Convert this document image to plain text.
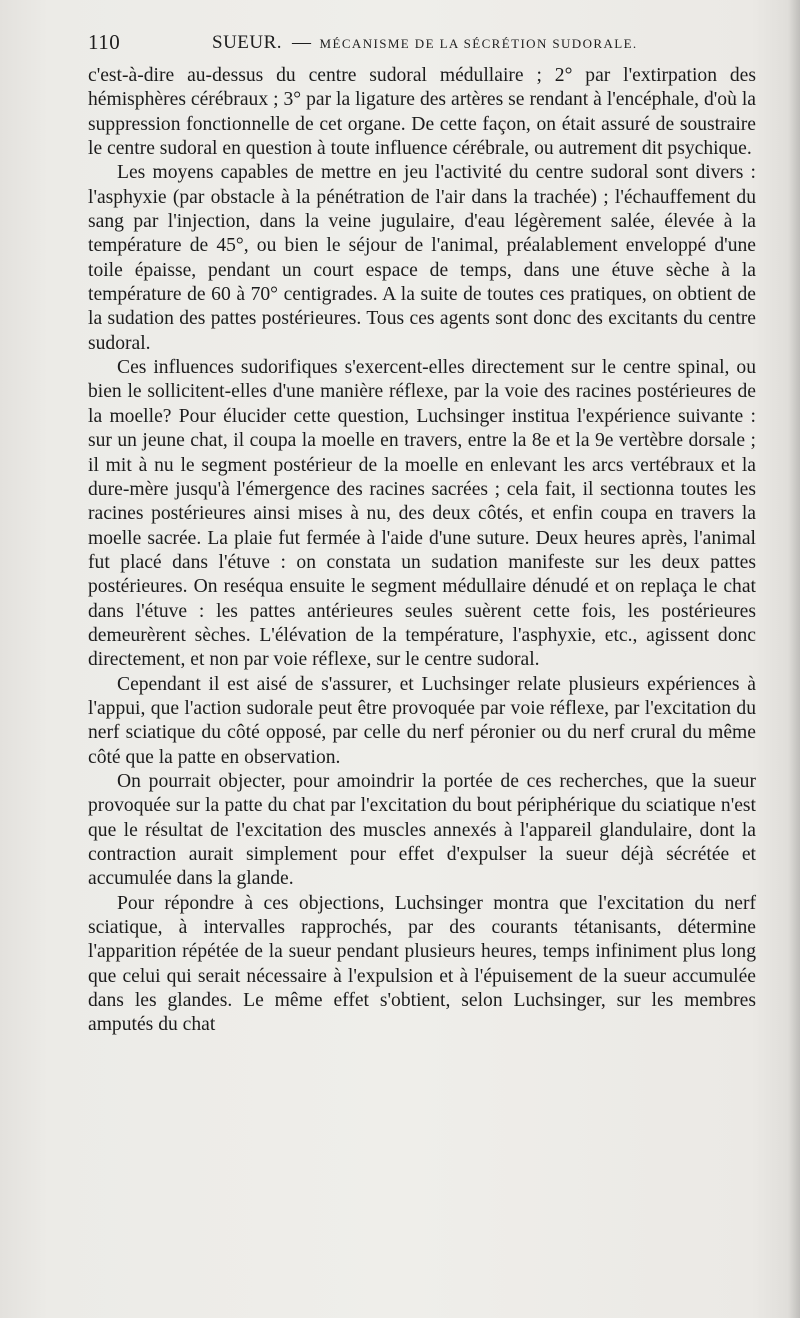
110	SUEUR. — MÉCANISME DE LA SÉCRÉTION SUDORALE.

c'est-à-dire au-dessus du centre sudoral médullaire ; 2° par l'extirpation des hémisphères cérébraux ; 3° par la ligature des artères se rendant à l'encéphale, d'où la suppression fonctionnelle de cet organe. De cette façon, on était assuré de soustraire le centre sudoral en question à toute influence cérébrale, ou autrement dit psychique.

Les moyens capables de mettre en jeu l'activité du centre sudoral sont divers : l'asphyxie (par obstacle à la pénétration de l'air dans la trachée) ; l'échauffement du sang par l'injection, dans la veine jugulaire, d'eau légèrement salée, élevée à la température de 45°, ou bien le séjour de l'animal, préalablement enveloppé d'une toile épaisse, pendant un court espace de temps, dans une étuve sèche à la température de 60 à 70° centigrades. A la suite de toutes ces pratiques, on obtient de la sudation des pattes postérieures. Tous ces agents sont donc des excitants du centre sudoral.

Ces influences sudorifiques s'exercent-elles directement sur le centre spinal, ou bien le sollicitent-elles d'une manière réflexe, par la voie des racines postérieures de la moelle? Pour élucider cette question, Luchsinger institua l'expérience suivante : sur un jeune chat, il coupa la moelle en travers, entre la 8e et la 9e vertèbre dorsale ; il mit à nu le segment postérieur de la moelle en enlevant les arcs vertébraux et la dure-mère jusqu'à l'émergence des racines sacrées ; cela fait, il sectionna toutes les racines postérieures ainsi mises à nu, des deux côtés, et enfin coupa en travers la moelle sacrée. La plaie fut fermée à l'aide d'une suture. Deux heures après, l'animal fut placé dans l'étuve : on constata un sudation manifeste sur les deux pattes postérieures. On reséqua ensuite le segment médullaire dénudé et on replaça le chat dans l'étuve : les pattes antérieures seules suèrent cette fois, les postérieures demeurèrent sèches. L'élévation de la température, l'asphyxie, etc., agissent donc directement, et non par voie réflexe, sur le centre sudoral.

Cependant il est aisé de s'assurer, et Luchsinger relate plusieurs expériences à l'appui, que l'action sudorale peut être provoquée par voie réflexe, par l'excitation du nerf sciatique du côté opposé, par celle du nerf péronier ou du nerf crural du même côté que la patte en observation.

On pourrait objecter, pour amoindrir la portée de ces recherches, que la sueur provoquée sur la patte du chat par l'excitation du bout périphérique du sciatique n'est que le résultat de l'excitation des muscles annexés à l'appareil glandulaire, dont la contraction aurait simplement pour effet d'expulser la sueur déjà sécrétée et accumulée dans la glande.

Pour répondre à ces objections, Luchsinger montra que l'excitation du nerf sciatique, à intervalles rapprochés, par des courants tétanisants, détermine l'apparition répétée de la sueur pendant plusieurs heures, temps infiniment plus long que celui qui serait nécessaire à l'expulsion et à l'épuisement de la sueur accumulée dans les glandes. Le même effet s'obtient, selon Luchsinger, sur les membres amputés du chat
